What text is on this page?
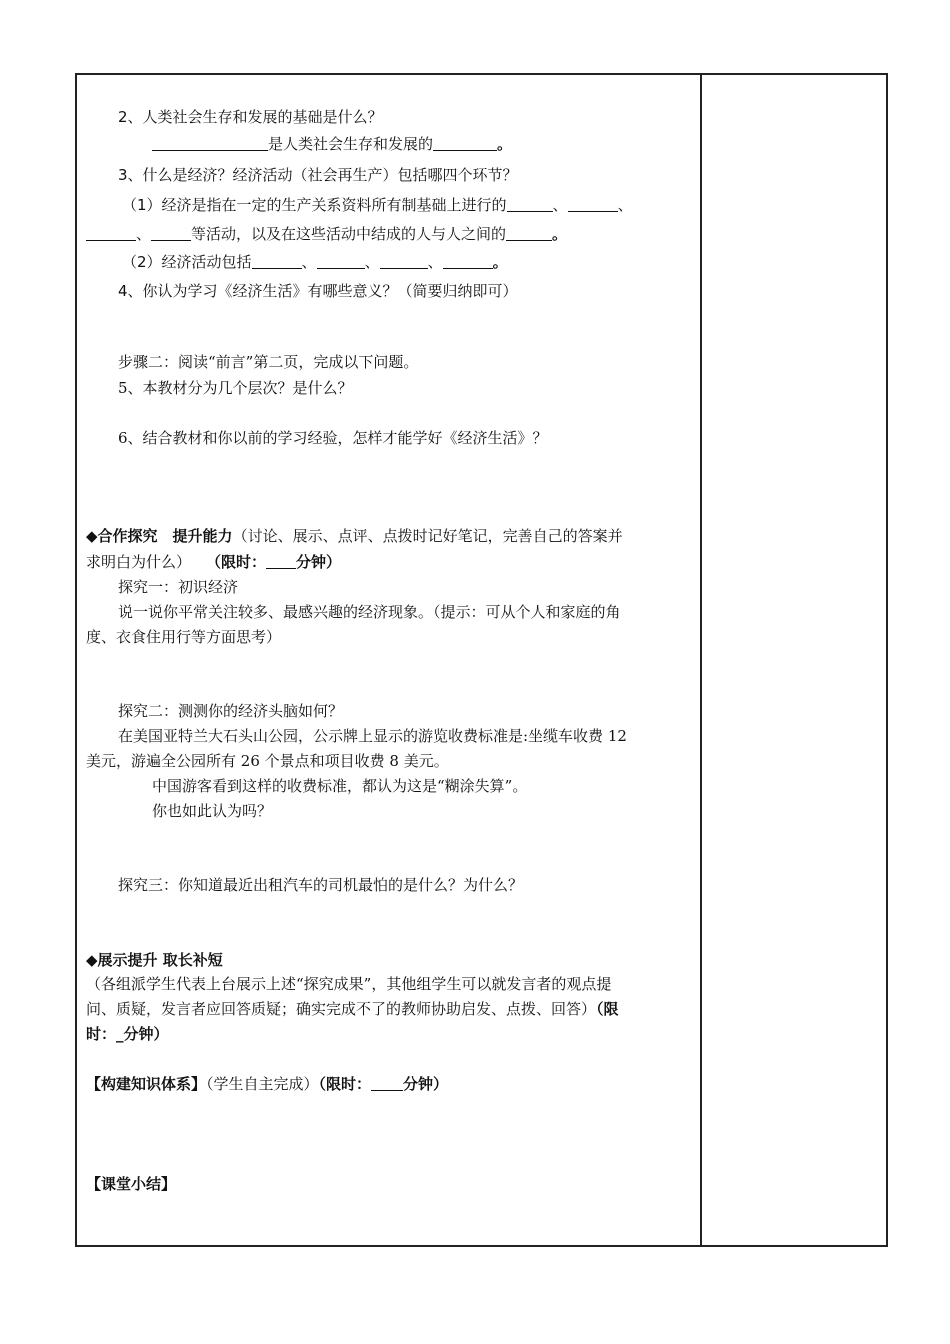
2、人类社会生存和发展的基础是什么？
是人类社会生存和发展的	。
3、什么是经济？经济活动（社会再生产）包括哪四个环节？
（1）经济是指在一定的生产关系资料所有制基础上进行的	、	、
、	等活动，以及在这些活动中结成的人与人之间的	。
（2）经济活动包括	、	、	、	。
4、你认为学习《经济生活》有哪些意义？（简要归纳即可）
步骤二：阅读“前言”第二页，完成以下问题。
5、本教材分为几个层次？是什么？
6、结合教材和你以前的学习经验，怎样才能学好《经济生活》？
◆合作探究　提升能力（讨论、展示、点评、点拨时记好笔记，完善自己的答案并
求明白为什么）　　 （限时： 分钟）
探究一：初识经济
说一说你平常关注较多、最感兴趣的经济现象。（提示：可从个人和家庭的角
度、衣食住用行等方面思考）
探究二：测测你的经济头脑如何？
在美国亚特兰大石头山公园，公示牌上显示的游览收费标准是:坐缆车收费 12
美元，游遍全公园所有 26 个景点和项目收费 8 美元。
中国游客看到这样的收费标准，都认为这是“糊涂失算”。
你也如此认为吗？
探究三：你知道最近出租汽车的司机最怕的是什么？为什么？
◆展示提升 取长补短
（各组派学生代表上台展示上述“探究成果”，其他组学生可以就发言者的观点提
问、质疑，发言者应回答质疑；确实完成不了的教师协助启发、点拨、回答）（限
时：_分钟）
【构建知识体系】（学生自主完成）（限时： 分钟）
【课堂小结】
